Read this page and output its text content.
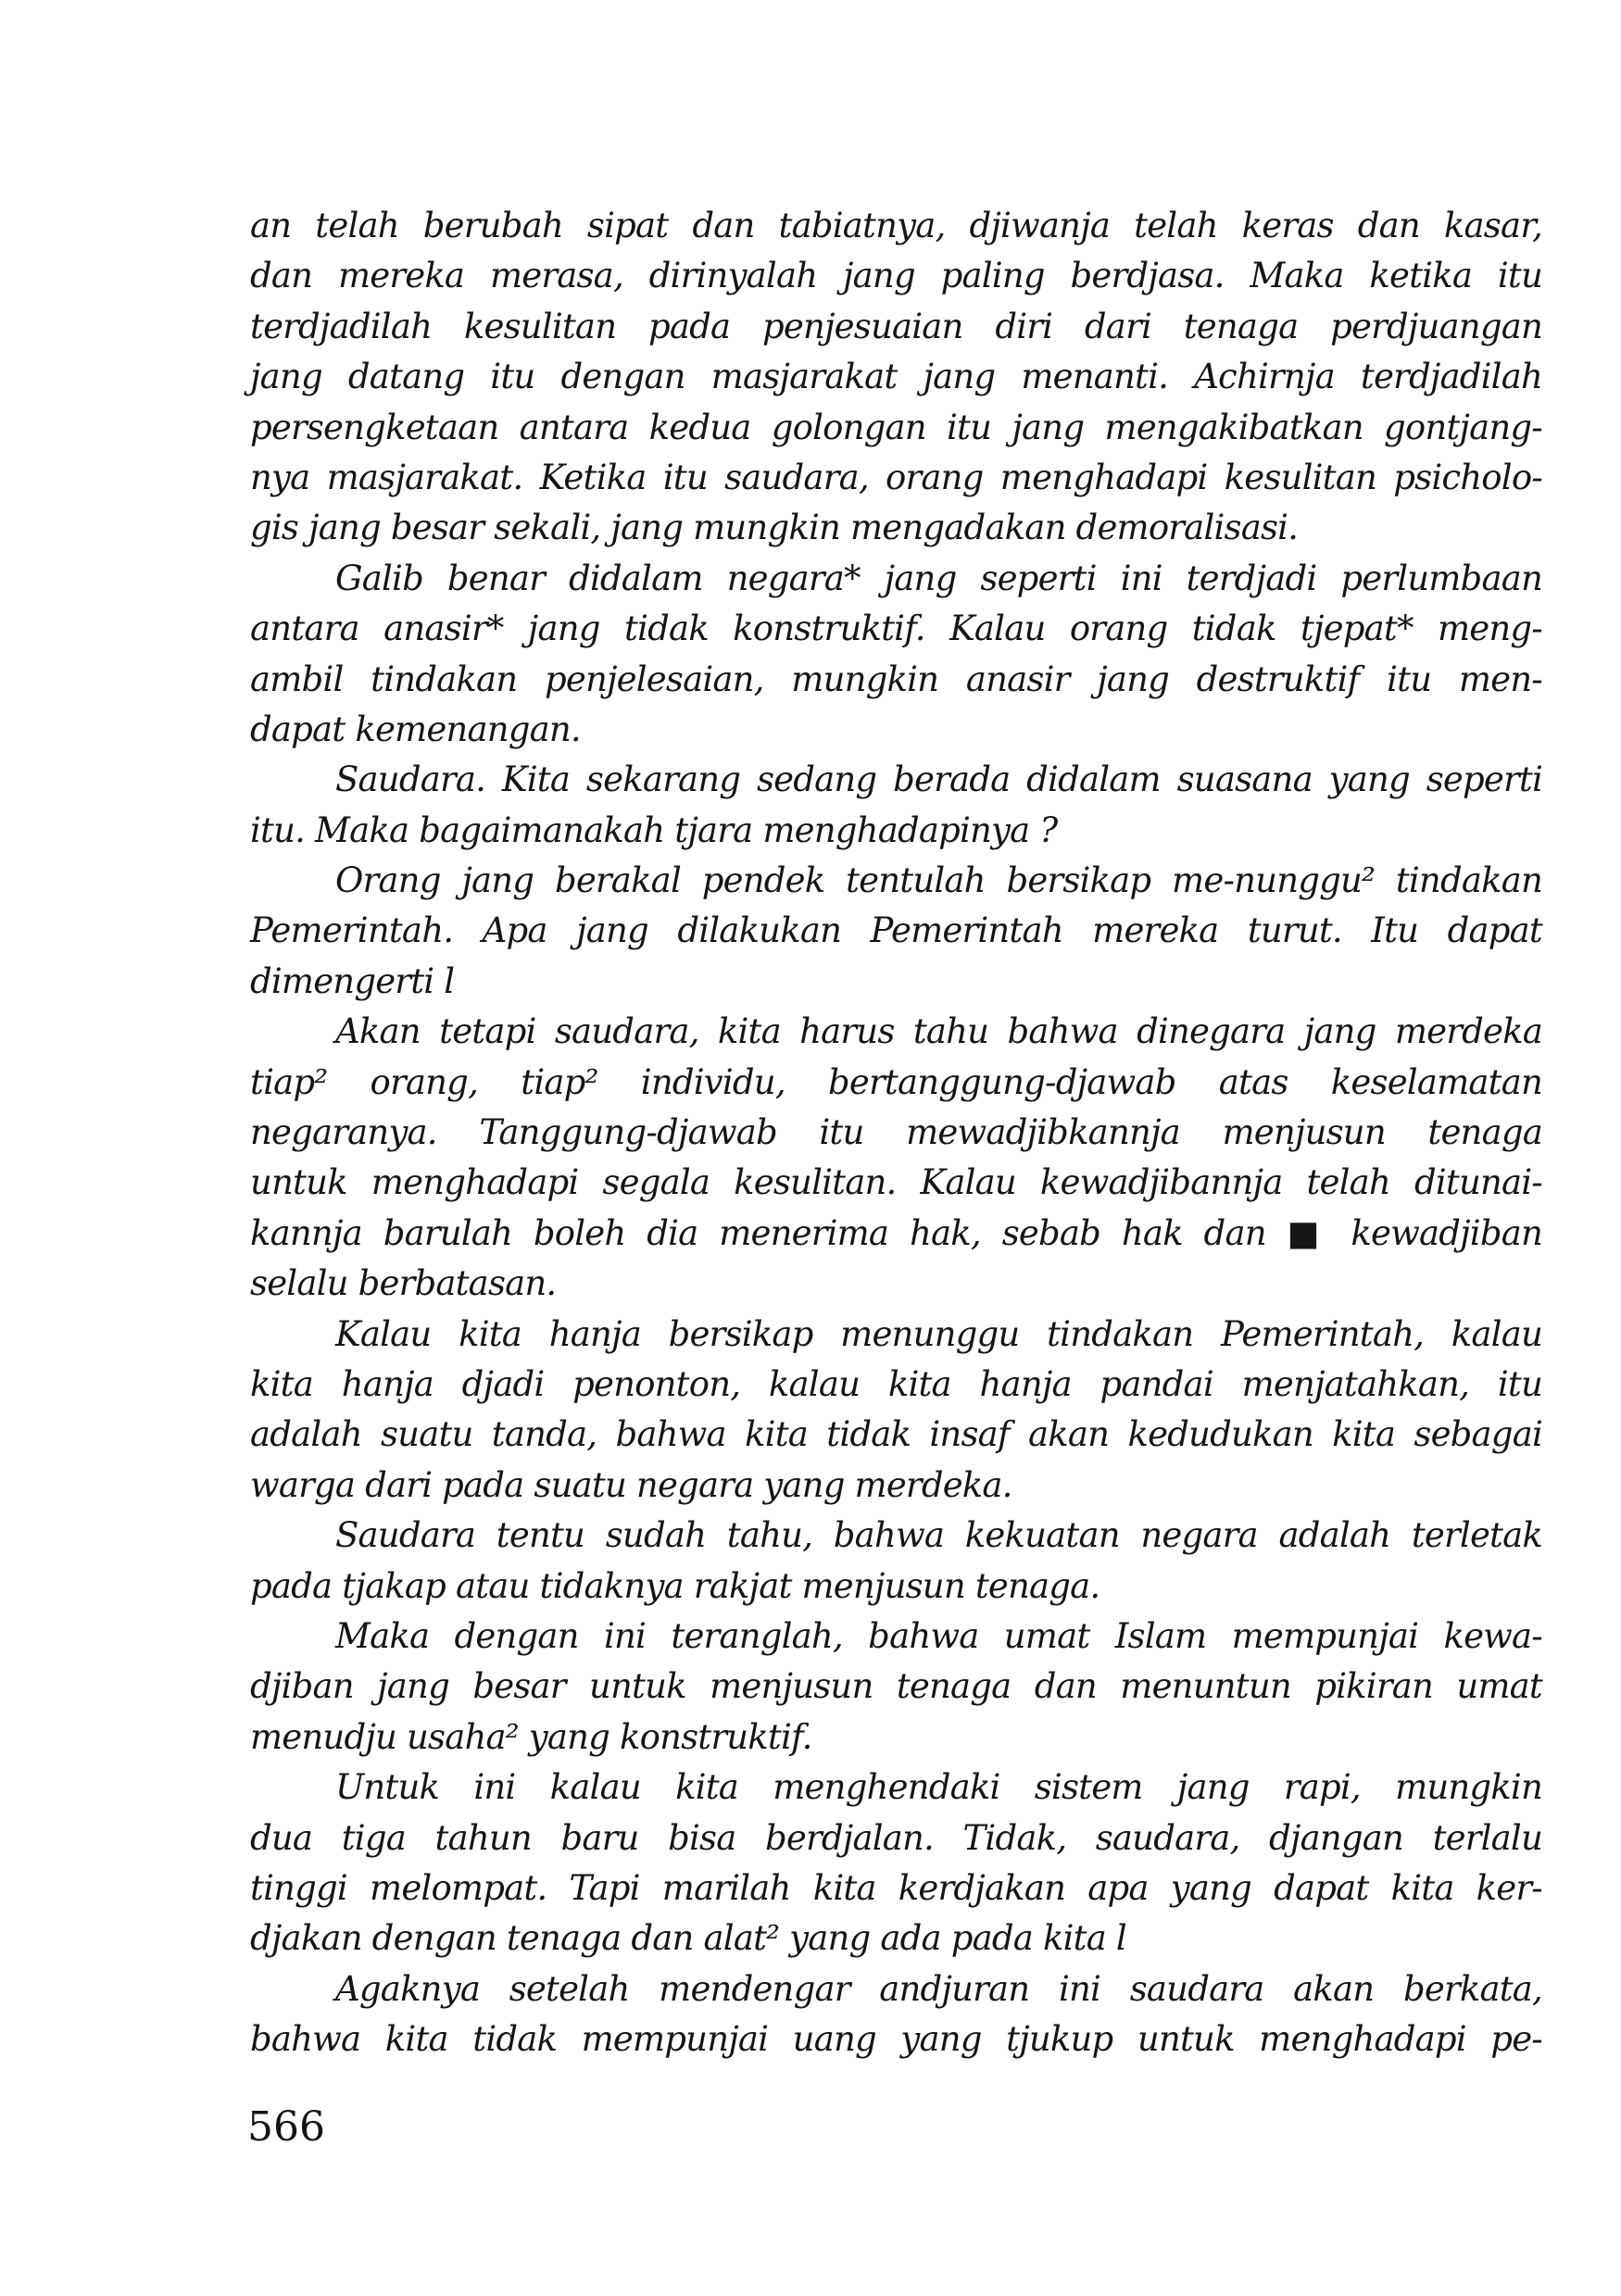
an telah berubah sipat dan tabiatnya, djiwanja telah keras dan kasar,
dan mereka merasa, dirinyalah jang paling berdjasa. Maka ketika itu
terdjadilah kesulitan pada penjesuaian diri dari tenaga perdjuangan
jang datang itu dengan masjarakat jang menanti. Achirnja terdjadilah
persengketaan antara kedua golongan itu jang mengakibatkan gontjang-
nya masjarakat. Ketika itu saudara, orang menghadapi kesulitan psicholo-
gis jang besar sekali, jang mungkin mengadakan demoralisasi.
Galib benar didalam negara* jang seperti ini terdjadi perlumbaan
antara anasir* jang tidak konstruktif. Kalau orang tidak tjepat* meng-
ambil tindakan penjelesaian, mungkin anasir jang destruktif itu men-
dapat kemenangan.
Saudara. Kita sekarang sedang berada didalam suasana yang seperti
itu. Maka bagaimanakah tjara menghadapinya ?
Orang jang berakal pendek tentulah bersikap me-nunggu² tindakan
Pemerintah. Apa jang dilakukan Pemerintah mereka turut. Itu dapat
dimengerti l
Akan tetapi saudara, kita harus tahu bahwa dinegara jang merdeka
tiap² orang, tiap² individu, bertanggung-djawab atas keselamatan
negaranya. Tanggung-djawab itu mewadjibkannja menjusun tenaga
untuk menghadapi segala kesulitan. Kalau kewadjibannja telah ditunai-
kannja barulah boleh dia menerima hak, sebab hak dan ■ kewadjiban
selalu berbatasan.
Kalau kita hanja bersikap menunggu tindakan Pemerintah, kalau
kita hanja djadi penonton, kalau kita hanja pandai menjatahkan, itu
adalah suatu tanda, bahwa kita tidak insaf akan kedudukan kita sebagai
warga dari pada suatu negara yang merdeka.
Saudara tentu sudah tahu, bahwa kekuatan negara adalah terletak
pada tjakap atau tidaknya rakjat menjusun tenaga.
Maka dengan ini teranglah, bahwa umat Islam mempunjai kewa-
djiban jang besar untuk menjusun tenaga dan menuntun pikiran umat
menudju usaha² yang konstruktif.
Untuk ini kalau kita menghendaki sistem jang rapi, mungkin
dua tiga tahun baru bisa berdjalan. Tidak, saudara, djangan terlalu
tinggi melompat. Tapi marilah kita kerdjakan apa yang dapat kita ker-
djakan dengan tenaga dan alat² yang ada pada kita l
Agaknya setelah mendengar andjuran ini saudara akan berkata,
bahwa kita tidak mempunjai uang yang tjukup untuk menghadapi pe-
566
